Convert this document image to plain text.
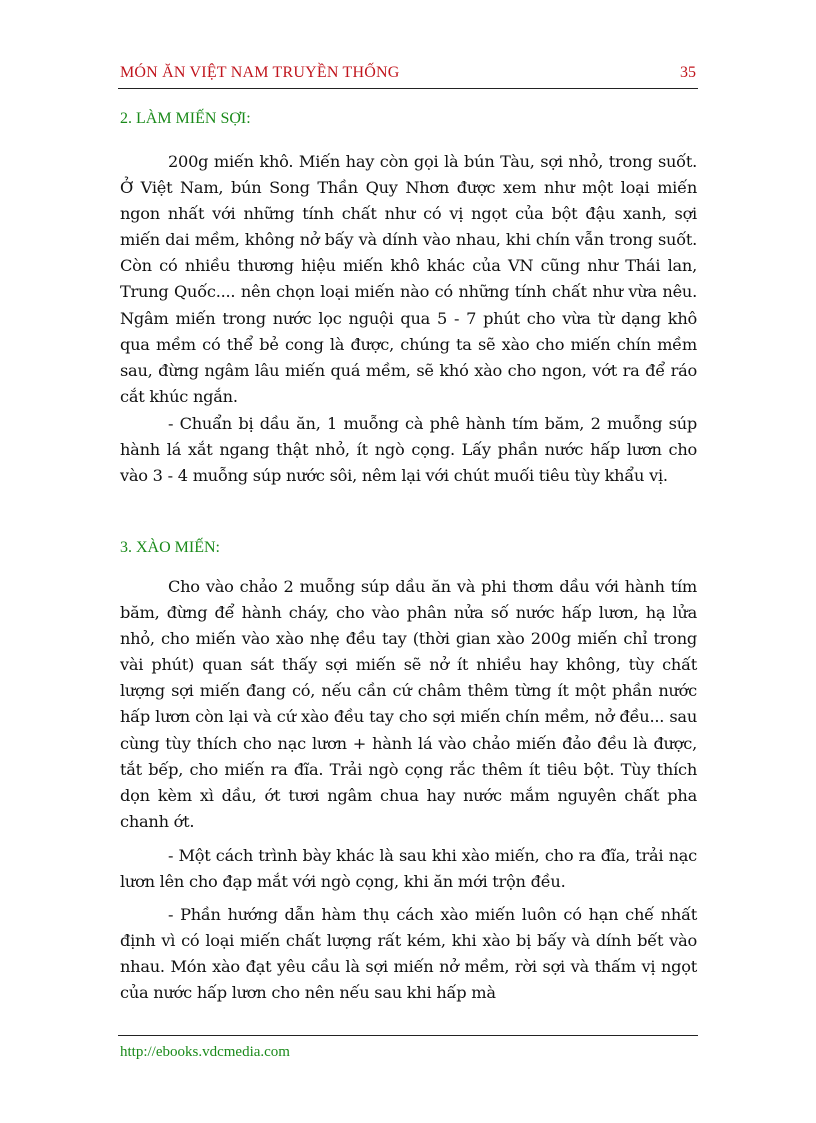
MÓN ĂN VIỆT NAM TRUYỀN THỐNG	35
2. LÀM MIẾN SỢI:
200g miến khô. Miến hay còn gọi là bún Tàu, sợi nhỏ, trong suốt. Ở Việt Nam, bún Song Thần Quy Nhơn được xem như một loại miến ngon nhất với những tính chất như có vị ngọt của bột đậu xanh, sợi miến dai mềm, không nở bấy và dính vào nhau, khi chín vẫn trong suốt. Còn có nhiều thương hiệu miến khô khác của VN cũng như Thái lan, Trung Quốc.... nên chọn loại miến nào có những tính chất như vừa nêu. Ngâm miến trong nước lọc nguội qua 5 - 7 phút cho vừa từ dạng khô qua mềm có thể bẻ cong là được, chúng ta sẽ xào cho miến chín mềm sau, đừng ngâm lâu miến quá mềm, sẽ khó xào cho ngon, vớt ra để ráo cắt khúc ngắn.
- Chuẩn bị dầu ăn, 1 muỗng cà phê hành tím băm, 2 muỗng súp hành lá xắt ngang thật nhỏ, ít ngò cọng. Lấy phần nước hấp lươn cho vào 3 - 4 muỗng súp nước sôi, nêm lại với chút muối tiêu tùy khẩu vị.
3. XÀO MIẾN:
Cho vào chảo 2 muỗng súp dầu ăn và phi thơm dầu với hành tím băm, đừng để hành cháy, cho vào phân nửa số nước hấp lươn, hạ lửa nhỏ, cho miến vào xào nhẹ đều tay (thời gian xào 200g miến chỉ trong vài phút) quan sát thấy sợi miến sẽ nở ít nhiều hay không, tùy chất lượng sợi miến đang có, nếu cần cứ châm thêm từng ít một phần nước hấp lươn còn lại và cứ xào đều tay cho sợi miến chín mềm, nở đều... sau cùng tùy thích cho nạc lươn + hành lá vào chảo miến đảo đều là được, tắt bếp, cho miến ra đĩa. Trải ngò cọng rắc thêm ít tiêu bột. Tùy thích dọn kèm xì dầu, ớt tươi ngâm chua hay nước mắm nguyên chất pha chanh ớt.
- Một cách trình bày khác là sau khi xào miến, cho ra đĩa, trải nạc lươn lên cho đạp mắt với ngò cọng, khi ăn mới trộn đều.
- Phần hướng dẫn hàm thụ cách xào miến luôn có hạn chế nhất định vì có loại miến chất lượng rất kém, khi xào bị bấy và dính bết vào nhau. Món xào đạt yêu cầu là sợi miến nở mềm, rời sợi và thấm vị ngọt của nước hấp lươn cho nên nếu sau khi hấp mà
http://ebooks.vdcmedia.com
